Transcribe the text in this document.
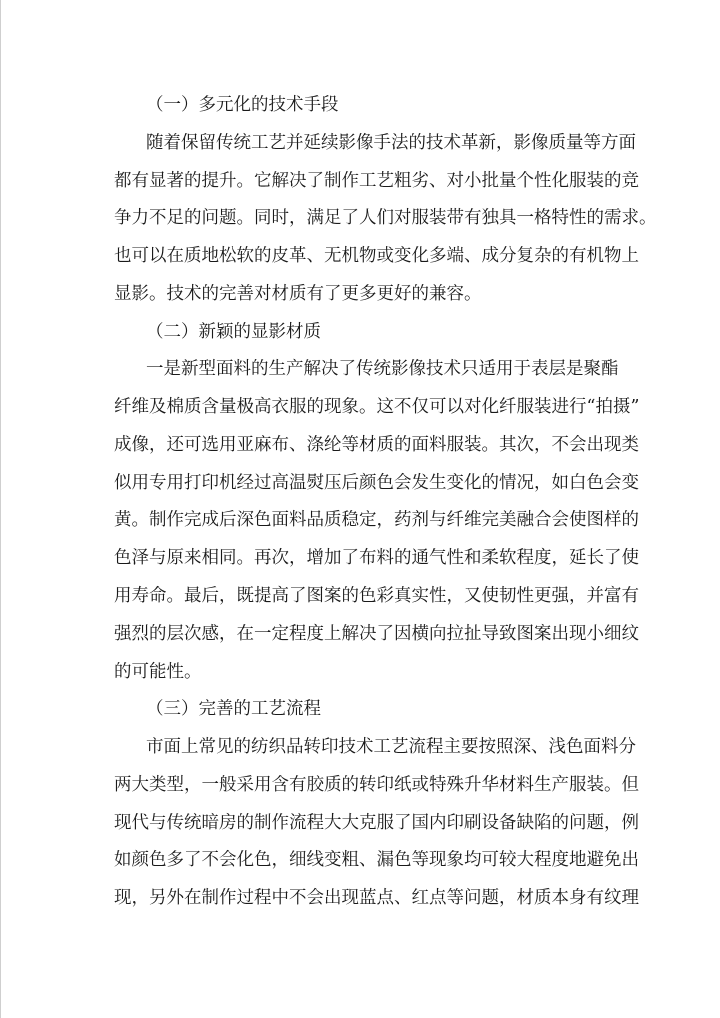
（一）多元化的技术手段
随着保留传统工艺并延续影像手法的技术革新，影像质量等方面
都有显著的提升。它解决了制作工艺粗劣、对小批量个性化服装的竞
争力不足的问题。同时，满足了人们对服装带有独具一格特性的需求。
也可以在质地松软的皮革、无机物或变化多端、成分复杂的有机物上
显影。技术的完善对材质有了更多更好的兼容。
（二）新颖的显影材质
一是新型面料的生产解决了传统影像技术只适用于表层是聚酯
纤维及棉质含量极高衣服的现象。这不仅可以对化纤服装进行“拍摄”
成像，还可选用亚麻布、涤纶等材质的面料服装。其次，不会出现类
似用专用打印机经过高温熨压后颜色会发生变化的情况，如白色会变
黄。制作完成后深色面料品质稳定，药剂与纤维完美融合会使图样的
色泽与原来相同。再次，增加了布料的通气性和柔软程度，延长了使
用寿命。最后，既提高了图案的色彩真实性，又使韧性更强，并富有
强烈的层次感，在一定程度上解决了因横向拉扯导致图案出现小细纹
的可能性。
（三）完善的工艺流程
市面上常见的纺织品转印技术工艺流程主要按照深、浅色面料分
两大类型，一般采用含有胶质的转印纸或特殊升华材料生产服装。但
现代与传统暗房的制作流程大大克服了国内印刷设备缺陷的问题，例
如颜色多了不会化色，细线变粗、漏色等现象均可较大程度地避免出
现，另外在制作过程中不会出现蓝点、红点等问题，材质本身有纹理
